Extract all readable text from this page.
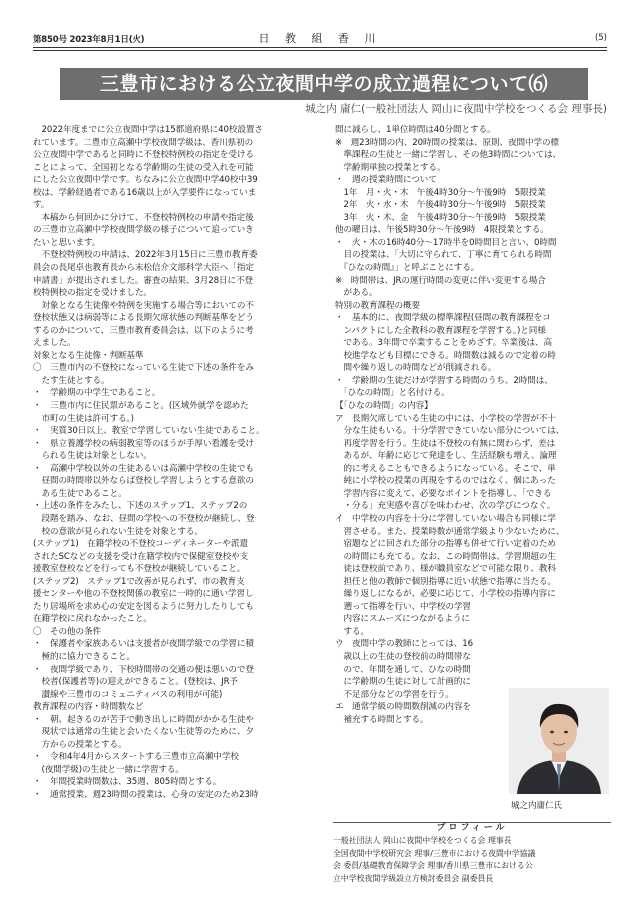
第850号 2023年8月1日(火)	日 教 組 香 川	(5)
三豊市における公立夜間中学の成立過程について⑹
城之内 庸仁(一般社団法人 岡山に夜間中学校をつくる会 理事長)

　2022年度までに公立夜間中学は15都道府県に40校設置さ

れています。二豊市立高瀬中学校夜間学級は、香川県初の

公立夜間中学であると同時に不登校特例校の指定を受ける

ことによって、全国初となる学齢期の生徒の受入れを可能

にした公立夜間中学です。ちなみに公立夜間中学40校中39

校は、学齢経過者である16歳以上が入学要件になっていま

す。

　本稿から何回かに分けて、不登校特例校の申請や指定後

の三豊市立高瀬中学校夜間学級の様子について追っていき

たいと思います。

　不登校特例校の申請は、2022年3月15日に三豊市教育委

員会の長尾卓也教育長から末松信介文部科学大臣へ「指定

申請書」が提出されました。審査の結果、3月28日に不登

校特例校の指定を受けました。

　対象となる生徒像や特例を実施する場合等においての不

登校状態又は病弱等による長期欠席状態の判断基準をどう

するのかについて、三豊市教育委員会は、以下のように考

えました。

対象となる生徒像・判断基準

〇　三豊市内の不登校になっている生徒で下述の条件をみ

　たす生徒とする。

・　学齢期の中学生であること。

・　三豊市内に住民票があること。(区域外就学を認めた

　市町の生徒は許可する。)

・　実質30日以上、教室で学習していない生徒であること。

・　県立養護学校の病弱教室等のほうが手厚い看護を受け

　られる生徒は対象としない。

・　高瀬中学校以外の生徒あるいは高瀬中学校の生徒でも

　昼間の時間帯以外ならば登校し学習しようとする意欲の

　ある生徒であること。

・上述の条件をみたし、下述のステップ1、ステップ2の

　段階を踏み、なお、昼間の学校への不登校が継続し、登

　校の意欲が見られない生徒を対象とする。

(ステップ1)　在籍学校の不登校コーディネーターや派遣

されたSCなどの支援を受け在籍学校内で保健室登校や支

援教室登校などを行っても不登校が継続していること。

(ステップ2)　ステップ1で改善が見られず、市の教育支

援センターや他の不登校関係の教室に一時的に通い学習し

たり居場所を求め心の安定を図るように努力したりしても

在籍学校に戻れなかったこと。

〇　その他の条件

・　保護者や家族あるいは支援者が夜間学級での学習に積

　極的に協力できること。

・　夜間学級であり、下校時間帯の交通の便は悪いので登

　校者(保護者等)の迎えができること。(登校は、JR予

　讃線や三豊市のコミュニティバスの利用が可能)

教育課程の内容・時間数など

・　朝、起きるのが苦手で動き出しに時間がかかる生徒や

　現状では通常の生徒と会いたくない生徒等のために、夕

　方からの授業とする。

・　令和4年4月からスタートする三豊市立高瀬中学校

　(夜間学級)の生徒と一緒に学習する。

・　年間授業時間数は、35週、805時間とする。

・　通常授業、週23時間の授業は、心身の安定のため23時

間に減らし、1単位時間は40分間とする。

※　週23時間の内、20時間の授業は、原則、夜間中学の標

　準課程の生徒と一緒に学習し、その他3時間については、

　学齢期単独の授業とする。

・　週の授業時間について

　1年　月・火・木　午後4時30分～午後9時　5限授業

　2年　火・水・木　午後4時30分～午後9時　5限授業

　3年　火・木、金　午後4時30分～午後9時　5限授業

他の曜日は、午後5時30分～午後9時　4限授業とする。

・　火・木の16時40分～17時半を0時間目と言い、0時間

　目の授業は、「大切に守られて、丁寧に育てられる時間

　『ひなの時間』」と呼ぶことにする。

※　時間帯は、JRの運行時間の変更に伴い変更する場合

　がある。

特別の教育課程の概要

・　基本的に、夜間学級の標準課程(昼間の教育課程をコ

　ンパクトにした全教科の教育課程を学習する。)と同様

　である。3年間で卒業することをめざす。卒業後は、高

　校進学なども目標にできる。時間数は減るので定着の時

　間や繰り返しの時間などが削減される。

・　学齢期の生徒だけが学習する時間のうち、2時間は、

　「ひなの時間」と名付ける。

【「ひなの時間」の内容】

ア　長期欠席している生徒の中には、小学校の学習が不十

　分な生徒もいる。十分学習できていない部分については、

　再度学習を行う。生徒は不登校の有無に関わらず、差は

　あるが、年齢に応じて発達をし、生活経験も増え、論理

　的に考えることもできるようになっている。そこで、単

　純に小学校の授業の再現をするのではなく、個にあった

　学習内容に変えて、必要なポイントを指導し、「できる

　・分る」充実感や喜びを味わわせ、次の学びにつなぐ。

イ　中学校の内容を十分に学習していない場合も同様に学

　習させる。また、授業時数が通常学級より少ないために、

　宿題などに回された部分の指導も併せて行い定着のため

　の時間にも充てる。なお、この時間帯は、学習期超の生

　徒は登校前であり、様が職員室などで可能な限り、教科

　担任と他の教師で個別指導に近い状態で指導に当たる。

　繰り返しになるが、必要に応じて、小学校の指導内容に

　遡って指導を行い、中学校の学習

　内容にスムーズにつながるように

　する。

ウ　夜間中学の教師にとっては、16

　歳以上の生徒の登校前の時間帯な

　ので、年間を通して、ひなの時間

　に学齢期の生徒に対して計画的に

　不足部分などの学習を行う。

エ　通常学級の時間数削減の内容を

　補充する時間とする。

城之内庸仁氏
プロフィール

一般社団法人 岡山に夜間中学校をつくる会 理事長

全国夜間中学校研究会 理事/三豊市における夜間中学協議

会 委員/基礎教育保障学会 理事/香川県三豊市における公

立中学校夜間学級設立方検討委員会 副委員長
